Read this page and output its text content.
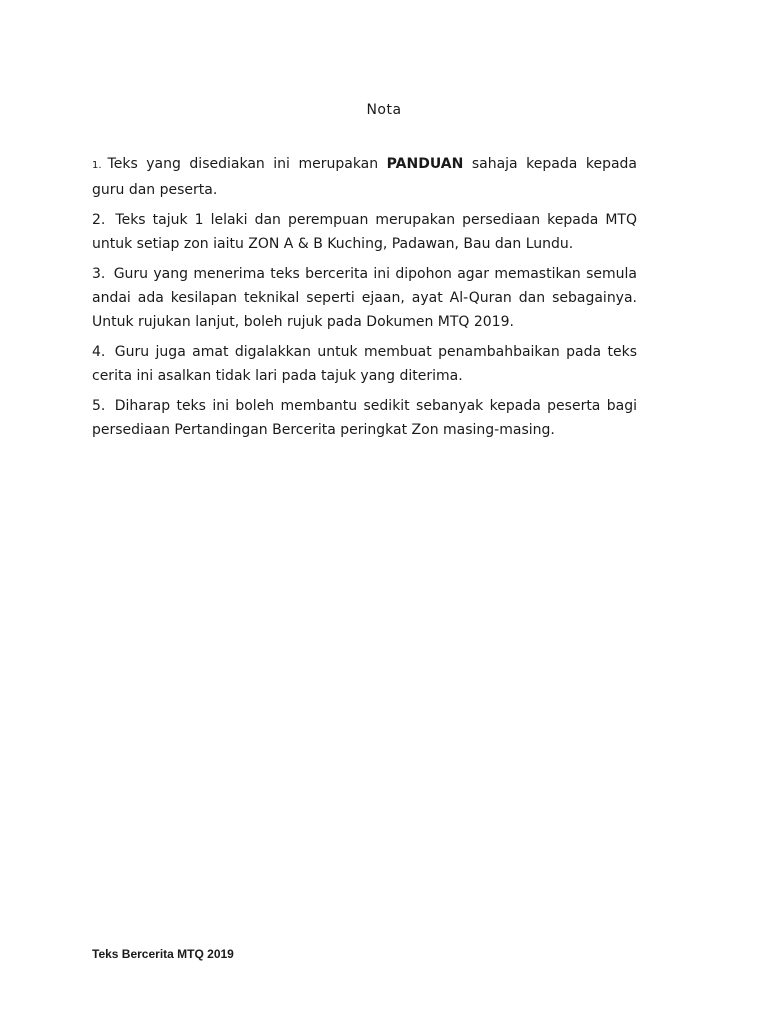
Nota

1. Teks yang disediakan ini merupakan PANDUAN sahaja kepada kepada guru dan peserta.

2. Teks tajuk 1 lelaki dan perempuan merupakan persediaan kepada MTQ untuk setiap zon iaitu ZON A & B Kuching, Padawan, Bau dan Lundu.

3. Guru yang menerima teks bercerita ini dipohon agar memastikan semula andai ada kesilapan teknikal seperti ejaan, ayat Al-Quran dan sebagainya. Untuk rujukan lanjut, boleh rujuk pada Dokumen MTQ 2019.

4. Guru juga amat digalakkan untuk membuat penambahbaikan pada teks cerita ini asalkan tidak lari pada tajuk yang diterima.

5. Diharap teks ini boleh membantu sedikit sebanyak kepada peserta bagi persediaan Pertandingan Bercerita peringkat Zon masing-masing.

Teks Bercerita MTQ 2019
